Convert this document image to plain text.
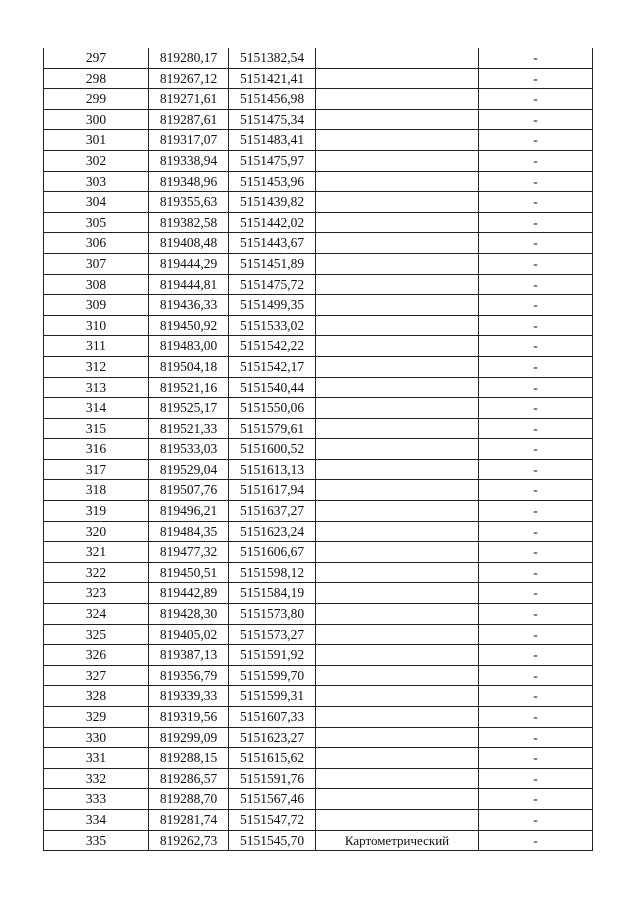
297	819280,17	5151382,54		-
298	819267,12	5151421,41		-
299	819271,61	5151456,98		-
300	819287,61	5151475,34		-
301	819317,07	5151483,41		-
302	819338,94	5151475,97		-
303	819348,96	5151453,96		-
304	819355,63	5151439,82		-
305	819382,58	5151442,02		-
306	819408,48	5151443,67		-
307	819444,29	5151451,89		-
308	819444,81	5151475,72		-
309	819436,33	5151499,35		-
310	819450,92	5151533,02		-
311	819483,00	5151542,22		-
312	819504,18	5151542,17		-
313	819521,16	5151540,44		-
314	819525,17	5151550,06		-
315	819521,33	5151579,61		-
316	819533,03	5151600,52		-
317	819529,04	5151613,13		-
318	819507,76	5151617,94		-
319	819496,21	5151637,27		-
320	819484,35	5151623,24		-
321	819477,32	5151606,67		-
322	819450,51	5151598,12		-
323	819442,89	5151584,19		-
324	819428,30	5151573,80		-
325	819405,02	5151573,27		-
326	819387,13	5151591,92		-
327	819356,79	5151599,70		-
328	819339,33	5151599,31		-
329	819319,56	5151607,33		-
330	819299,09	5151623,27		-
331	819288,15	5151615,62		-
332	819286,57	5151591,76		-
333	819288,70	5151567,46		-
334	819281,74	5151547,72		-
335	819262,73	5151545,70	Картометрический	-
